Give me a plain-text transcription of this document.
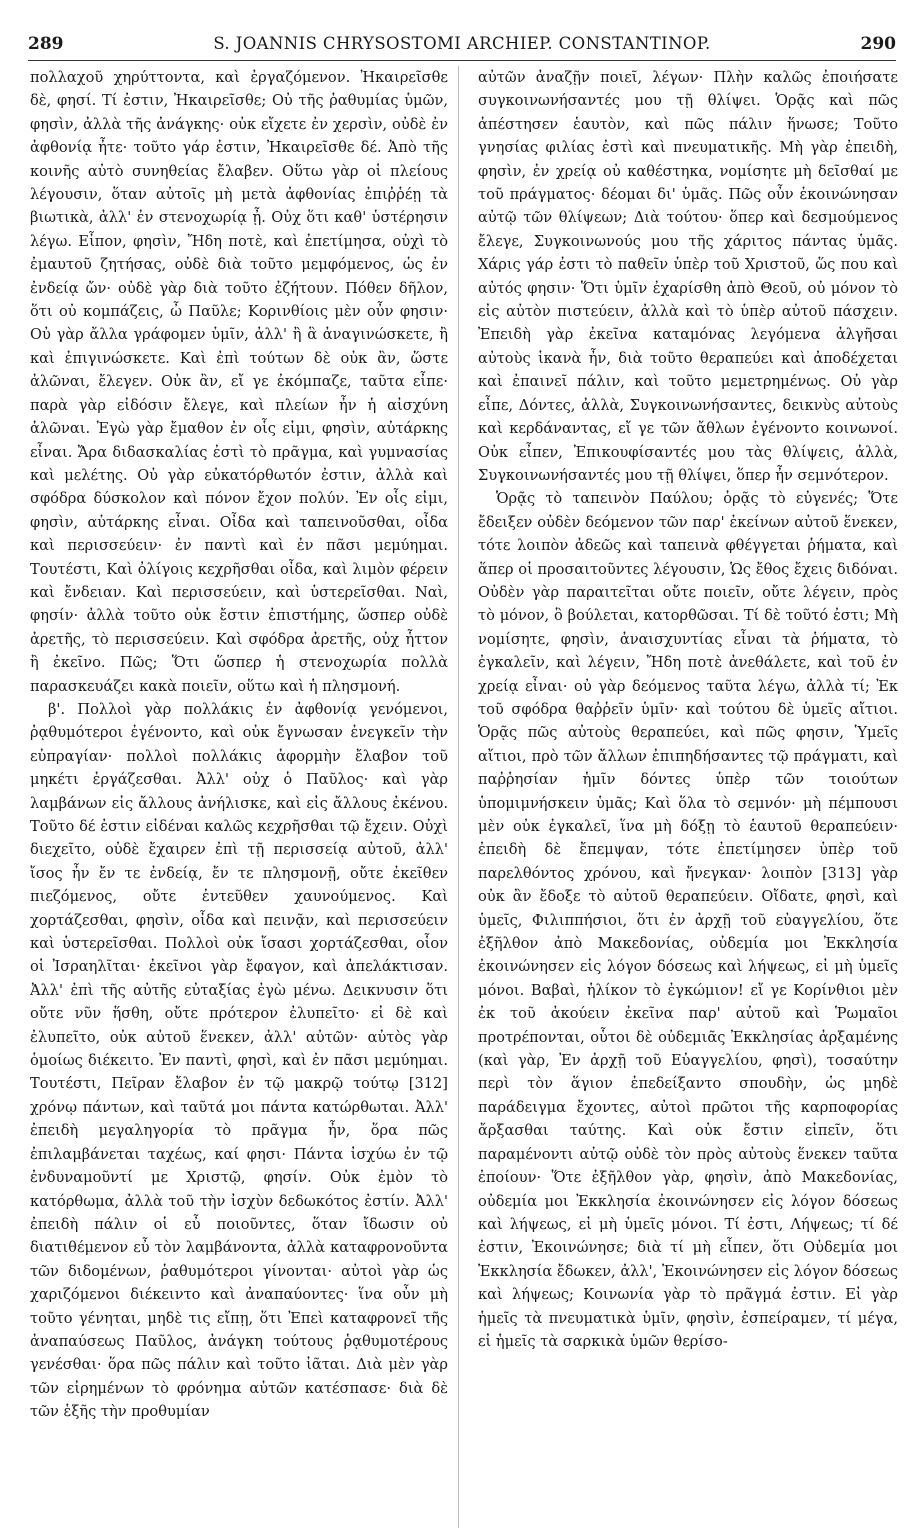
289	S. JOANNIS CHRYSOSTOMI ARCHIEP. CONSTANTINOP.	290

πολλαχοῦ χηρύττοντα, καὶ ἐργαζόμενον. Ἠκαιρεῖσθε δὲ, φησί. Τί ἐστιν, Ἠκαιρεῖσθε; Οὐ τῆς ῥαθυμίας ὑμῶν, φησὶν, ἀλλὰ τῆς ἀνάγκης· οὐκ εἴχετε ἐν χερσὶν, οὐδὲ ἐν ἀφθονίᾳ ἦτε· τοῦτο γάρ ἐστιν, Ἠκαιρεῖσθε δέ. Ἀπὸ τῆς κοινῆς αὐτὸ συνηθείας ἔλαβεν. Οὕτω γὰρ οἱ πλείους λέγουσιν, ὅταν αὐτοῖς μὴ μετὰ ἀφθονίας ἐπιῤῥέῃ τὰ βιωτικὰ, ἀλλ' ἐν στενοχωρίᾳ ᾖ. Οὐχ ὅτι καθ' ὑστέρησιν λέγω. Εἶπον, φησὶν, Ἤδη ποτὲ, καὶ ἐπετίμησα, οὐχὶ τὸ ἐμαυτοῦ ζητήσας, οὐδὲ διὰ τοῦτο μεμφόμενος, ὡς ἐν ἐνδείᾳ ὤν· οὐδὲ γὰρ διὰ τοῦτο ἐζήτουν. Πόθεν δῆλον, ὅτι οὐ κομπάζεις, ὦ Παῦλε; Κορινθίοις μὲν οὖν φησιν· Οὐ γὰρ ἄλλα γράφομεν ὑμῖν, ἀλλ' ἢ ἃ ἀναγινώσκετε, ἢ καὶ ἐπιγινώσκετε. Καὶ ἐπὶ τούτων δὲ οὐκ ἂν, ὥστε ἀλῶναι, ἔλεγεν. Οὐκ ἂν, εἴ γε ἐκόμπαζε, ταῦτα εἶπε· παρὰ γὰρ εἰδόσιν ἔλεγε, καὶ πλείων ἦν ἡ αἰσχύνη ἀλῶναι. Ἐγὼ γὰρ ἔμαθον ἐν οἷς εἰμι, φησὶν, αὐτάρκης εἶναι. Ἄρα διδασκαλίας ἐστὶ τὸ πρᾶγμα, καὶ γυμνασίας καὶ μελέτης. Οὐ γὰρ εὐκατόρθωτόν ἐστιν, ἀλλὰ καὶ σφόδρα δύσκολον καὶ πόνον ἔχον πολύν. Ἐν οἷς εἰμι, φησὶν, αὐτάρκης εἶναι. Οἶδα καὶ ταπεινοῦσθαι, οἶδα καὶ περισσεύειν· ἐν παντὶ καὶ ἐν πᾶσι μεμύημαι. Τουτέστι, Καὶ ὀλίγοις κεχρῆσθαι οἶδα, καὶ λιμὸν φέρειν καὶ ἔνδειαν. Καὶ περισσεύειν, καὶ ὑστερεῖσθαι. Ναὶ, φησίν· ἀλλὰ τοῦτο οὐκ ἔστιν ἐπιστήμης, ὥσπερ οὐδὲ ἀρετῆς, τὸ περισσεύειν. Καὶ σφόδρα ἀρετῆς, οὐχ ἧττον ἢ ἐκεῖνο. Πῶς; Ὅτι ὥσπερ ἡ στενοχωρία πολλὰ παρασκευάζει κακὰ ποιεῖν, οὕτω καὶ ἡ πλησμονή.

β'. Πολλοὶ γὰρ πολλάκις ἐν ἀφθονίᾳ γενόμενοι, ῥᾳθυμότεροι ἐγένοντο, καὶ οὐκ ἔγνωσαν ἐνεγκεῖν τὴν εὐπραγίαν· πολλοὶ πολλάκις ἀφορμὴν ἔλαβον τοῦ μηκέτι ἐργάζεσθαι. Ἀλλ' οὐχ ὁ Παῦλος· καὶ γὰρ λαμβάνων εἰς ἄλλους ἀνήλισκε, καὶ εἰς ἄλλους ἐκένου. Τοῦτο δέ ἐστιν εἰδέναι καλῶς κεχρῆσθαι τῷ ἔχειν. Οὐχὶ διεχεῖτο, οὐδὲ ἔχαιρεν ἐπὶ τῇ περισσείᾳ αὐτοῦ, ἀλλ' ἴσος ἦν ἔν τε ἐνδείᾳ, ἔν τε πλησμονῇ, οὔτε ἐκεῖθεν πιεζόμενος, οὔτε ἐντεῦθεν χαυνούμενος. Καὶ χορτάζεσθαι, φησὶν, οἶδα καὶ πεινᾷν, καὶ περισσεύειν καὶ ὑστερεῖσθαι. Πολλοὶ οὐκ ἴσασι χορτάζεσθαι, οἷον οἱ Ἰσραηλῖται· ἐκεῖνοι γὰρ ἔφαγον, καὶ ἀπελάκτισαν. Ἀλλ' ἐπὶ τῆς αὐτῆς εὐταξίας ἐγὼ μένω. Δεικνυσιν ὅτι οὔτε νῦν ἥσθη, οὔτε πρότερον ἐλυπεῖτο· εἰ δὲ καὶ ἐλυπεῖτο, οὐκ αὐτοῦ ἕνεκεν, ἀλλ' αὐτῶν· αὐτὸς γὰρ ὁμοίως διέκειτο. Ἐν παντὶ, φησὶ, καὶ ἐν πᾶσι μεμύημαι. Τουτέστι, Πεῖραν ἔλαβον ἐν τῷ μακρῷ τούτῳ [312] χρόνῳ πάντων, καὶ ταῦτά μοι πάντα κατώρθωται. Ἀλλ' ἐπειδὴ μεγαληγορία τὸ πρᾶγμα ἦν, ὅρα πῶς ἐπιλαμβάνεται ταχέως, καί φησι· Πάντα ἰσχύω ἐν τῷ ἐνδυναμοῦντί με Χριστῷ, φησίν. Οὐκ ἐμὸν τὸ κατόρθωμα, ἀλλὰ τοῦ τὴν ἰσχὺν δεδωκότος ἐστίν. Ἀλλ' ἐπειδὴ πάλιν οἱ εὖ ποιοῦντες, ὅταν ἴδωσιν οὐ διατιθέμενον εὖ τὸν λαμβάνοντα, ἀλλὰ καταφρονοῦντα τῶν διδομένων, ῥαθυμότεροι γίνονται· αὐτοὶ γὰρ ὡς χαριζόμενοι διέκειντο καὶ ἀναπαύοντες· ἵνα οὖν μὴ τοῦτο γένηται, μηδὲ τις εἴπῃ, ὅτι Ἐπεὶ καταφρονεῖ τῆς ἀναπαύσεως Παῦλος, ἀνάγκη τούτους ῥᾳθυμοτέρους γενέσθαι· ὅρα πῶς πάλιν καὶ τοῦτο ἰᾶται. Διὰ μὲν γὰρ τῶν εἰρημένων τὸ φρόνημα αὐτῶν κατέσπασε· διὰ δὲ τῶν ἑξῆς τὴν προθυμίαν

αὐτῶν ἀναζῇν ποιεῖ, λέγων· Πλὴν καλῶς ἐποιήσατε συγκοινωνήσαντές μου τῇ θλίψει. Ὁρᾷς καὶ πῶς ἀπέστησεν ἑαυτὸν, καὶ πῶς πάλιν ἥνωσε; Τοῦτο γνησίας φιλίας ἐστὶ καὶ πνευματικῆς. Μὴ γὰρ ἐπειδὴ, φησὶν, ἐν χρείᾳ οὐ καθέστηκα, νομίσητε μὴ δεῖσθαί με τοῦ πράγματος· δέομαι δι' ὑμᾶς. Πῶς οὖν ἐκοινώνησαν αὐτῷ τῶν θλίψεων; Διὰ τούτου· ὅπερ καὶ δεσμούμενος ἔλεγε, Συγκοινωνούς μου τῆς χάριτος πάντας ὑμᾶς. Χάρις γάρ ἐστι τὸ παθεῖν ὑπὲρ τοῦ Χριστοῦ, ὥς που καὶ αὐτός φησιν· Ὅτι ὑμῖν ἐχαρίσθη ἀπὸ Θεοῦ, οὐ μόνον τὸ εἰς αὐτὸν πιστεύειν, ἀλλὰ καὶ τὸ ὑπὲρ αὐτοῦ πάσχειν. Ἐπειδὴ γὰρ ἐκεῖνα καταμόνας λεγόμενα ἀλγῆσαι αὐτοὺς ἱκανὰ ἦν, διὰ τοῦτο θεραπεύει καὶ ἀποδέχεται καὶ ἐπαινεῖ πάλιν, καὶ τοῦτο μεμετρημένως. Οὐ γὰρ εἶπε, Δόντες, ἀλλὰ, Συγκοινωνήσαντες, δεικνὺς αὐτοὺς καὶ κερδάναντας, εἴ γε τῶν ἄθλων ἐγένοντο κοινωνοί. Οὐκ εἶπεν, Ἐπικουφίσαντές μου τὰς θλίψεις, ἀλλὰ, Συγκοινωνήσαντές μου τῇ θλίψει, ὅπερ ἦν σεμνότερον.

Ὁρᾷς τὸ ταπεινὸν Παύλου; ὁρᾷς τὸ εὐγενές; Ὅτε ἔδειξεν οὐδὲν δεόμενον τῶν παρ' ἐκείνων αὐτοῦ ἕνεκεν, τότε λοιπὸν ἀδεῶς καὶ ταπεινὰ φθέγγεται ῥήματα, καὶ ἅπερ οἱ προσαιτοῦντες λέγουσιν, Ὡς ἔθος ἔχεις διδόναι. Οὐδὲν γὰρ παραιτεῖται οὔτε ποιεῖν, οὔτε λέγειν, πρὸς τὸ μόνον, ὃ βούλεται, κατορθῶσαι. Τί δὲ τοῦτό ἐστι; Μὴ νομίσητε, φησὶν, ἀναισχυντίας εἶναι τὰ ῥήματα, τὸ ἐγκαλεῖν, καὶ λέγειν, Ἤδη ποτὲ ἀνεθάλετε, καὶ τοῦ ἐν χρείᾳ εἶναι· οὐ γὰρ δεόμενος ταῦτα λέγω, ἀλλὰ τί; Ἐκ τοῦ σφόδρα θαῤῥεῖν ὑμῖν· καὶ τούτου δὲ ὑμεῖς αἴτιοι. Ὁρᾷς πῶς αὐτοὺς θεραπεύει, καὶ πῶς φησιν, Ὑμεῖς αἴτιοι, πρὸ τῶν ἄλλων ἐπιπηδήσαντες τῷ πράγματι, καὶ παῤῥησίαν ἡμῖν δόντες ὑπὲρ τῶν τοιούτων ὑπομιμνήσκειν ὑμᾶς; Καὶ ὅλα τὸ σεμνόν· μὴ πέμπουσι μὲν οὐκ ἐγκαλεῖ, ἵνα μὴ δόξῃ τὸ ἑαυτοῦ θεραπεύειν· ἐπειδὴ δὲ ἔπεμψαν, τότε ἐπετίμησεν ὑπὲρ τοῦ παρελθόντος χρόνου, καὶ ἤνεγκαν· λοιπὸν [313] γὰρ οὐκ ἂν ἔδοξε τὸ αὐτοῦ θεραπεύειν. Οἴδατε, φησὶ, καὶ ὑμεῖς, Φιλιππήσιοι, ὅτι ἐν ἀρχῇ τοῦ εὐαγγελίου, ὅτε ἐξῆλθον ἀπὸ Μακεδονίας, οὐδεμία μοι Ἐκκλησία ἐκοινώνησεν εἰς λόγον δόσεως καὶ λήψεως, εἰ μὴ ὑμεῖς μόνοι. Βαβαὶ, ἡλίκον τὸ ἐγκώμιον! εἴ γε Κορίνθιοι μὲν ἐκ τοῦ ἀκούειν ἐκεῖνα παρ' αὐτοῦ καὶ Ῥωμαῖοι προτρέπονται, οὗτοι δὲ οὐδεμιᾶς Ἐκκλησίας ἀρξαμένης (καὶ γὰρ, Ἐν ἀρχῇ τοῦ Εὐαγγελίου, φησὶ), τοσαύτην περὶ τὸν ἅγιον ἐπεδείξαντο σπουδὴν, ὡς μηδὲ παράδειγμα ἔχοντες, αὐτοὶ πρῶτοι τῆς καρποφορίας ἄρξασθαι ταύτης. Καὶ οὐκ ἔστιν εἰπεῖν, ὅτι παραμένοντι αὐτῷ οὐδὲ τὸν πρὸς αὐτοὺς ἕνεκεν ταῦτα ἐποίουν· Ὅτε ἐξῆλθον γὰρ, φησὶν, ἀπὸ Μακεδονίας, οὐδεμία μοι Ἐκκλησία ἐκοινώνησεν εἰς λόγον δόσεως καὶ λήψεως, εἰ μὴ ὑμεῖς μόνοι. Τί ἐστι, Λήψεως; τί δέ ἐστιν, Ἐκοινώνησε; διὰ τί μὴ εἶπεν, ὅτι Οὐδεμία μοι Ἐκκλησία ἔδωκεν, ἀλλ', Ἐκοινώνησεν εἰς λόγον δόσεως καὶ λήψεως; Κοινωνία γὰρ τὸ πρᾶγμά ἐστιν. Εἰ γὰρ ἡμεῖς τὰ πνευματικὰ ὑμῖν, φησὶν, ἐσπείραμεν, τί μέγα, εἰ ἡμεῖς τὰ σαρκικὰ ὑμῶν θερίσο-
